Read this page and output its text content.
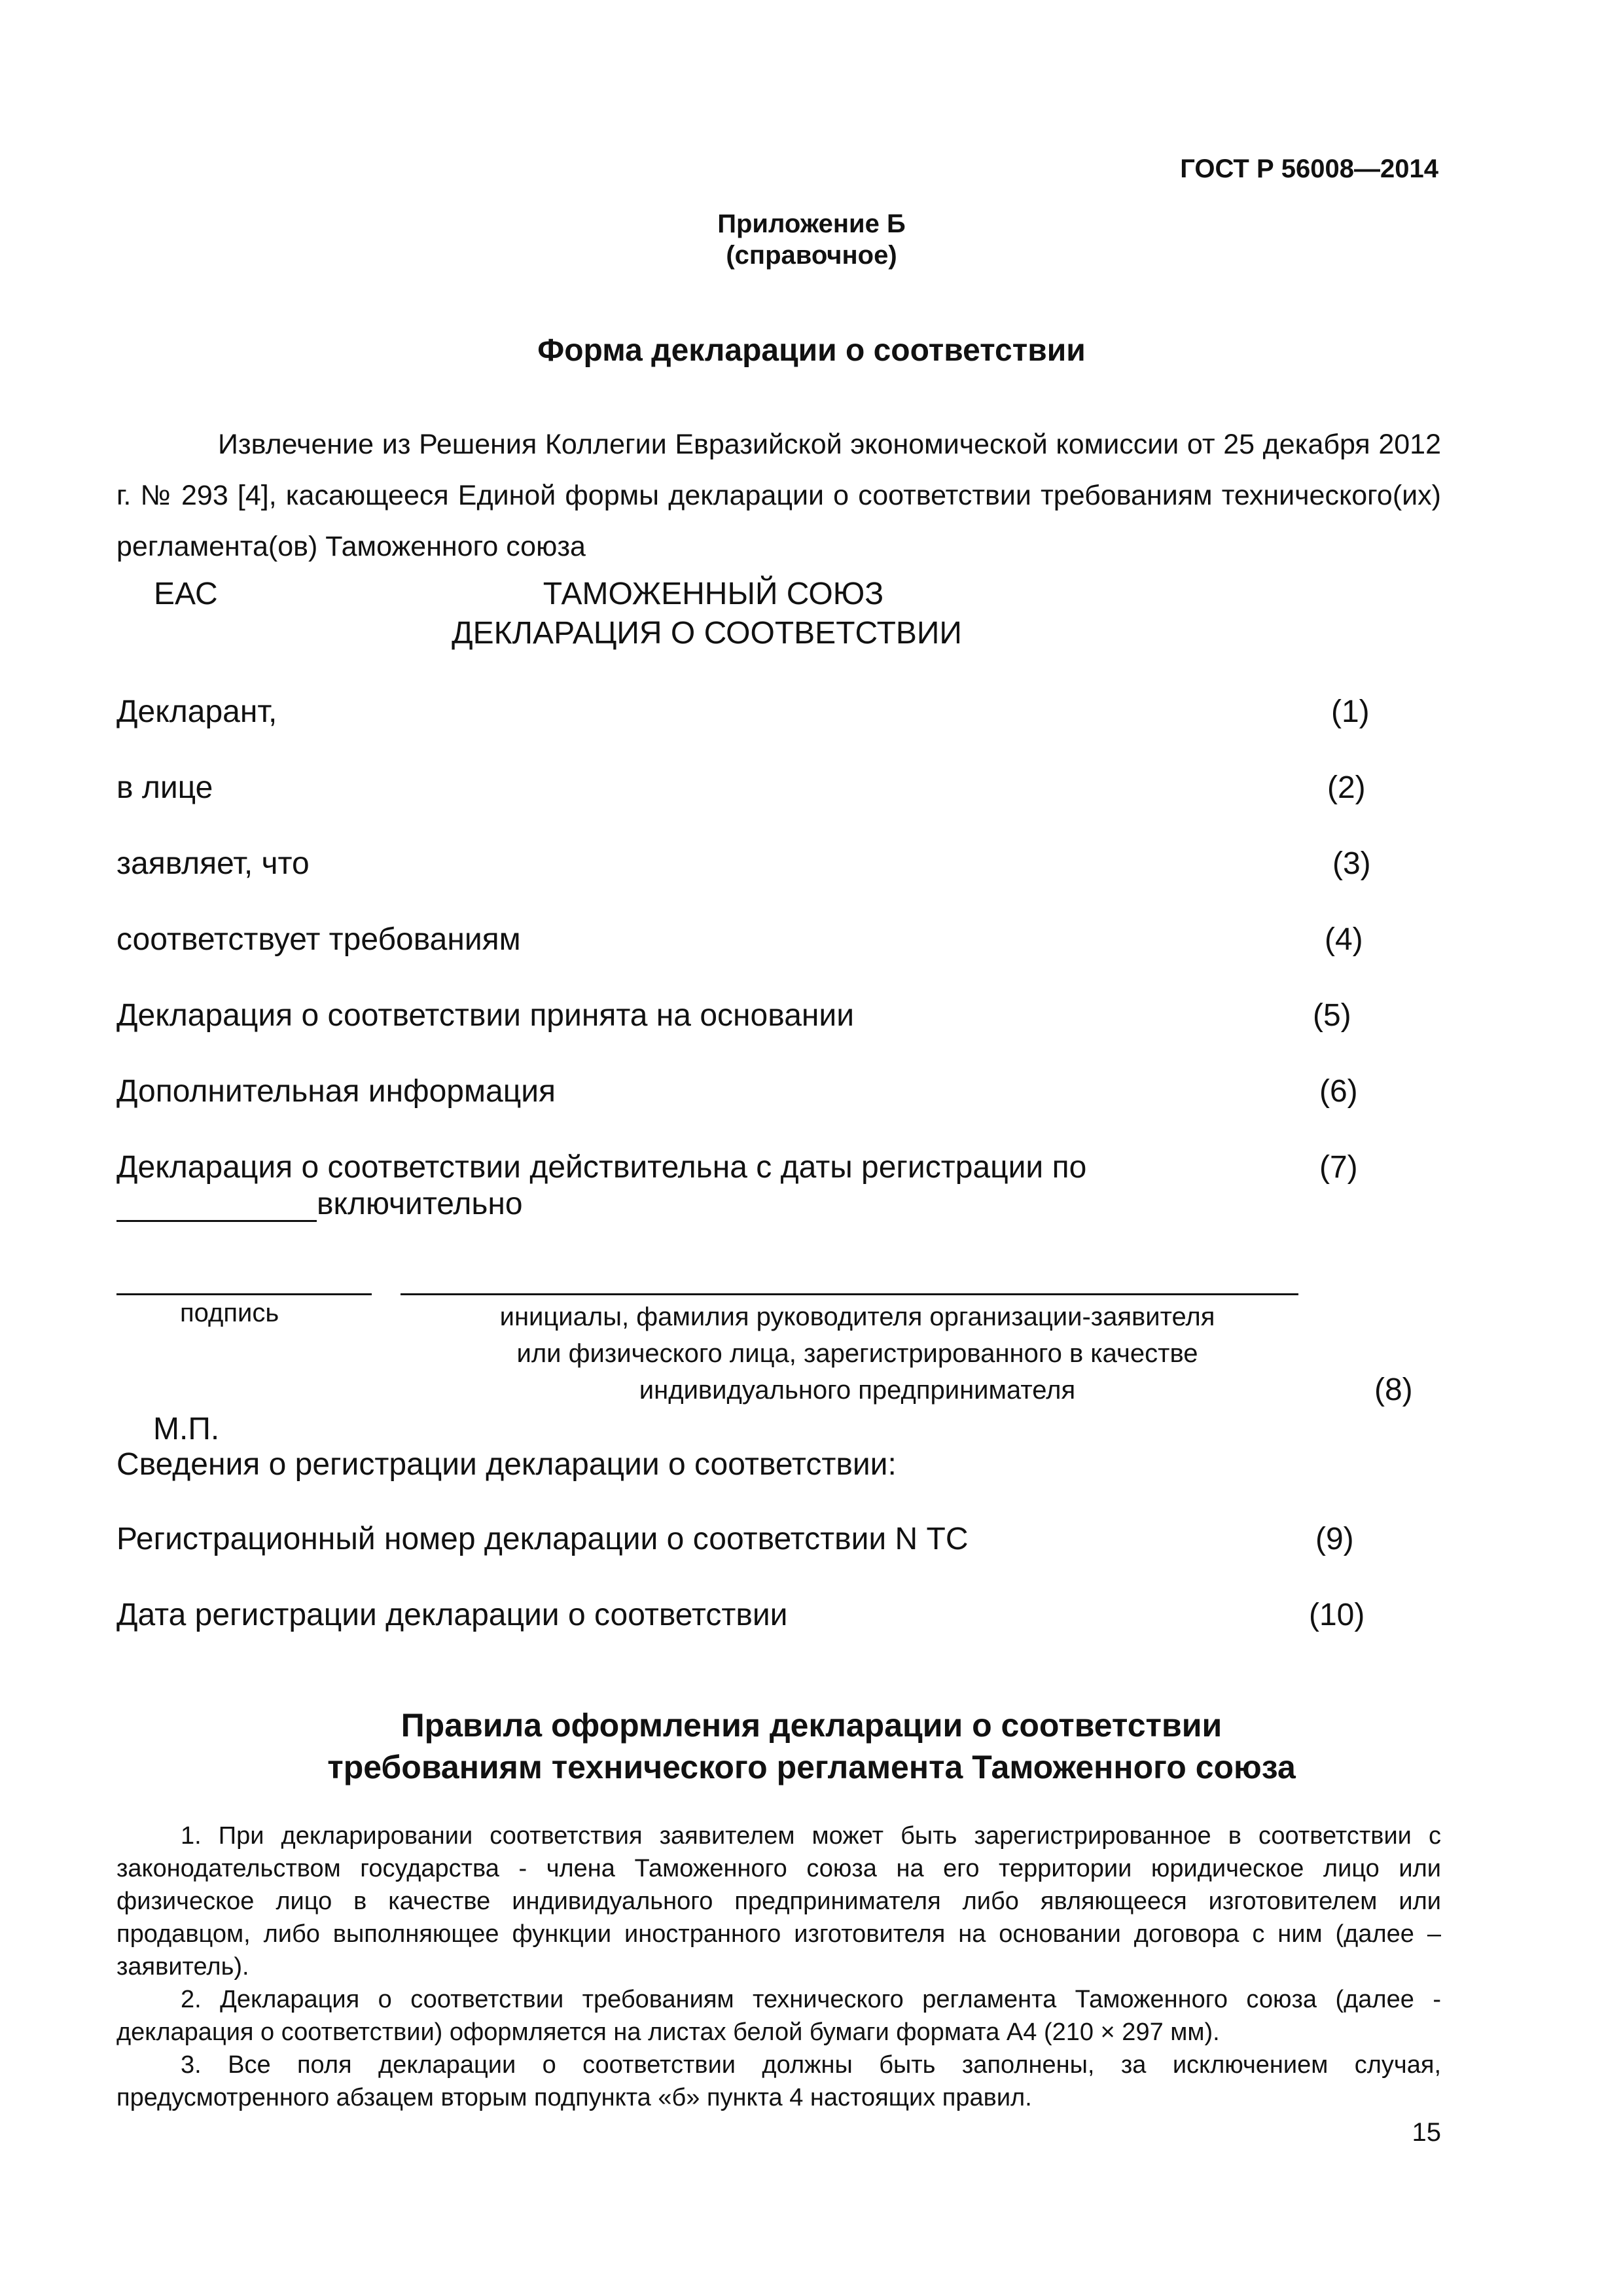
ГОСТ Р 56008—2014
Приложение Б
(справочное)
Форма декларации о соответствии
Извлечение из Решения Коллегии Евразийской экономической комиссии от 25 декабря 2012 г. № 293 [4], касающееся Единой формы декларации о соответствии требованиям технического(их) регламента(ов) Таможенного союза
ЕАС	ТАМОЖЕННЫЙ СОЮЗ
ДЕКЛАРАЦИЯ О СООТВЕТСТВИИ
Декларант,	(1)
в лице	(2)
заявляет, что	(3)
соответствует требованиям	(4)
Декларация о соответствии принята на основании	(5)
Дополнительная информация	(6)
Декларация о соответствии действительна с даты регистрации по	(7)
включительно
подпись	инициалы, фамилия руководителя организации-заявителя
или физического лица, зарегистрированного в качестве
индивидуального предпринимателя	(8)
М.П.
Сведения о регистрации декларации о соответствии:
Регистрационный номер декларации о соответствии N ТС	(9)
Дата регистрации декларации о соответствии	(10)
Правила оформления декларации о соответствии
требованиям технического регламента Таможенного союза

1. При декларировании соответствия заявителем может быть зарегистрированное в соответствии с законодательством государства - члена Таможенного союза на его территории юридическое лицо или физическое лицо в качестве индивидуального предпринимателя либо являющееся изготовителем или продавцом, либо выполняющее функции иностранного изготовителя на основании договора с ним (далее – заявитель).

2. Декларация о соответствии требованиям технического регламента Таможенного союза (далее - декларация о соответствии) оформляется на листах белой бумаги формата А4 (210 × 297 мм).

3. Все поля декларации о соответствии должны быть заполнены, за исключением случая, предусмотренного абзацем вторым подпункта «б» пункта 4 настоящих правил.

15
